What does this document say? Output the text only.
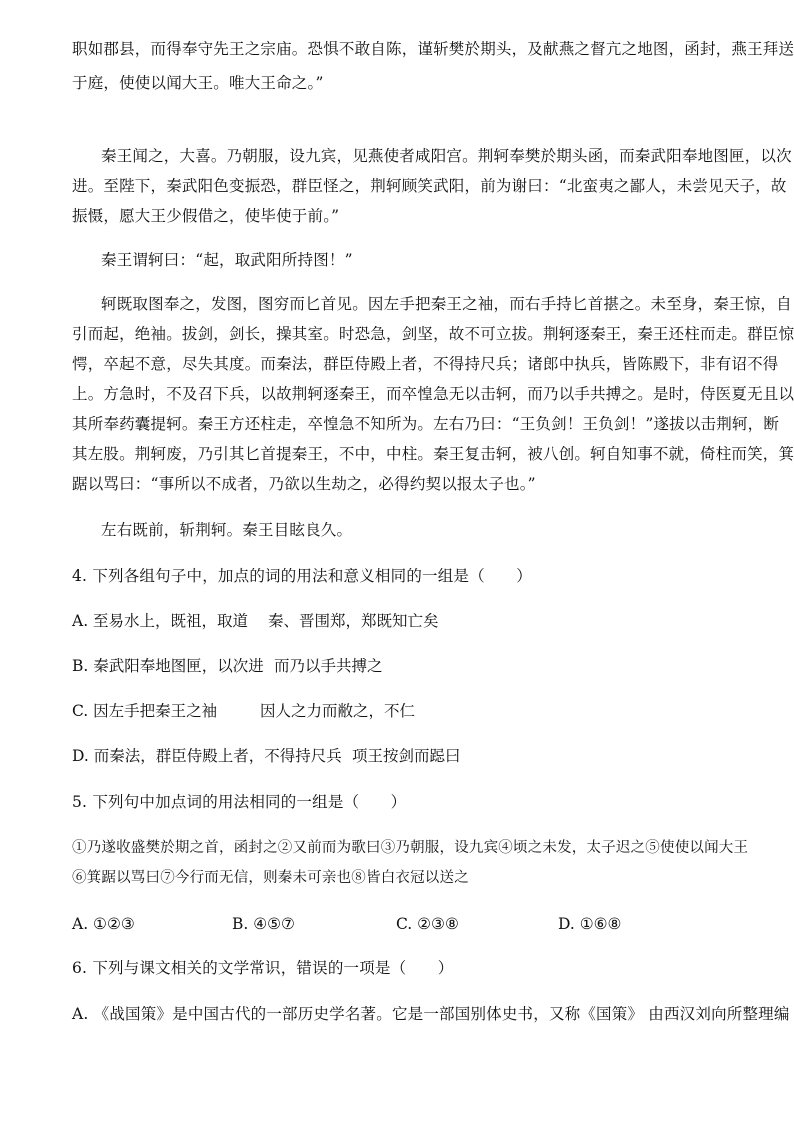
职如郡县，而得奉守先王之宗庙。恐惧不敢自陈，谨斩樊於期头，及献燕之督亢之地图，函封，燕王拜送
于庭，使使以闻大王。唯大王命之。”
秦王闻之，大喜。乃朝服，设九宾，见燕使者咸阳宫。荆轲奉樊於期头函，而秦武阳奉地图匣，以次
进。至陛下，秦武阳色变振恐，群臣怪之，荆轲顾笑武阳，前为谢曰：“北蛮夷之鄙人，未尝见天子，故
振慑，愿大王少假借之，使毕使于前。”
秦王谓轲曰：“起，取武阳所持图！”
轲既取图奉之，发图，图穷而匕首见。因左手把秦王之袖，而右手持匕首揕之。未至身，秦王惊，自
引而起，绝袖。拔剑，剑长，操其室。时恐急，剑坚，故不可立拔。荆轲逐秦王，秦王还柱而走。群臣惊
愕，卒起不意，尽失其度。而秦法，群臣侍殿上者，不得持尺兵；诸郎中执兵，皆陈殿下，非有诏不得
上。方急时，不及召下兵，以故荆轲逐秦王，而卒惶急无以击轲，而乃以手共搏之。是时，侍医夏无且以
其所奉药囊提轲。秦王方还柱走，卒惶急不知所为。左右乃曰：“王负剑！王负剑！”遂拔以击荆轲，断
其左股。荆轲废，乃引其匕首提秦王，不中，中柱。秦王复击轲，被八创。轲自知事不就，倚柱而笑，箕
踞以骂曰：“事所以不成者，乃欲以生劫之，必得约契以报太子也。”
左右既前，斩荆轲。秦王目眩良久。
4. 下列各组句子中，加点的词的用法和意义相同的一组是（　　）
A. 至易水上，既祖，取道 秦、晋围郑，郑既知亡矣
B. 秦武阳奉地图匣，以次进 而乃以手共搏之
C. 因左手把秦王之袖	因人之力而敝之，不仁
D. 而秦法，群臣侍殿上者，不得持尺兵 项王按剑而跽曰
5. 下列句中加点词的用法相同的一组是（　　）
①乃遂收盛樊於期之首，函封之②又前而为歌曰③乃朝服，设九宾④顷之未发，太子迟之⑤使使以闻大王
⑥箕踞以骂曰⑦今行而无信，则秦未可亲也⑧皆白衣冠以送之
A. ①②③	B. ④⑤⑦	C. ②③⑧	D. ①⑥⑧
6. 下列与课文相关的文学常识，错误的一项是（　　）
A. 《战国策》是中国古代的一部历史学名著。它是一部国别体史书，又称《国策》 由西汉刘向所整理编
